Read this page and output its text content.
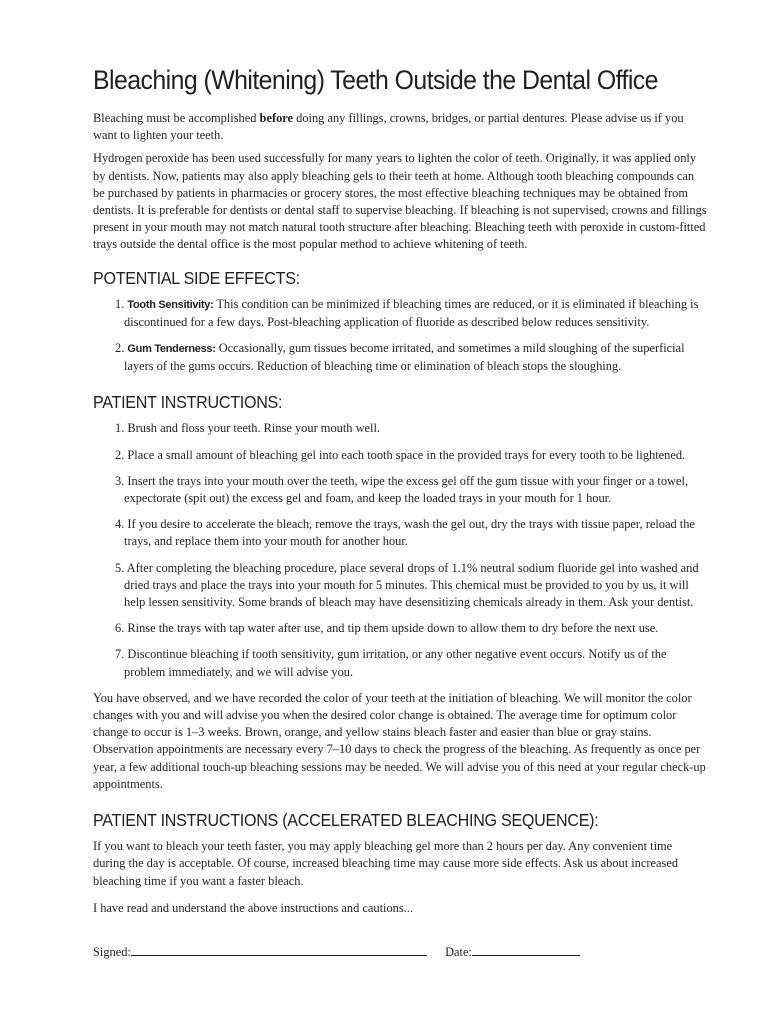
Bleaching (Whitening) Teeth Outside the Dental Office

Bleaching must be accomplished before doing any fillings, crowns, bridges, or partial dentures. Please advise us if you want to lighten your teeth.

Hydrogen peroxide has been used successfully for many years to lighten the color of teeth. Originally, it was applied only by dentists. Now, patients may also apply bleaching gels to their teeth at home. Although tooth bleaching compounds can be purchased by patients in pharmacies or grocery stores, the most effective bleaching techniques may be obtained from dentists. It is preferable for dentists or dental staff to supervise bleaching. If bleaching is not supervised, crowns and fillings present in your mouth may not match natural tooth structure after bleaching. Bleaching teeth with peroxide in custom-fitted trays outside the dental office is the most popular method to achieve whitening of teeth.

POTENTIAL SIDE EFFECTS:
1. Tooth Sensitivity: This condition can be minimized if bleaching times are reduced, or it is eliminated if bleaching is discontinued for a few days. Post-bleaching application of fluoride as described below reduces sensitivity.
2. Gum Tenderness: Occasionally, gum tissues become irritated, and sometimes a mild sloughing of the superficial layers of the gums occurs. Reduction of bleaching time or elimination of bleach stops the sloughing.
PATIENT INSTRUCTIONS:
1. Brush and floss your teeth. Rinse your mouth well.
2. Place a small amount of bleaching gel into each tooth space in the provided trays for every tooth to be lightened.
3. Insert the trays into your mouth over the teeth, wipe the excess gel off the gum tissue with your finger or a towel, expectorate (spit out) the excess gel and foam, and keep the loaded trays in your mouth for 1 hour.
4. If you desire to accelerate the bleach, remove the trays, wash the gel out, dry the trays with tissue paper, reload the trays, and replace them into your mouth for another hour.
5. After completing the bleaching procedure, place several drops of 1.1% neutral sodium fluoride gel into washed and dried trays and place the trays into your mouth for 5 minutes. This chemical must be provided to you by us, it will help lessen sensitivity. Some brands of bleach may have desensitizing chemicals already in them. Ask your dentist.
6. Rinse the trays with tap water after use, and tip them upside down to allow them to dry before the next use.
7. Discontinue bleaching if tooth sensitivity, gum irritation, or any other negative event occurs. Notify us of the problem immediately, and we will advise you.

You have observed, and we have recorded the color of your teeth at the initiation of bleaching. We will monitor the color changes with you and will advise you when the desired color change is obtained. The average time for optimum color change to occur is 1–3 weeks. Brown, orange, and yellow stains bleach faster and easier than blue or gray stains. Observation appointments are necessary every 7–10 days to check the progress of the bleaching. As frequently as once per year, a few additional touch-up bleaching sessions may be needed. We will advise you of this need at your regular check-up appointments.

PATIENT INSTRUCTIONS (ACCELERATED BLEACHING SEQUENCE):

If you want to bleach your teeth faster, you may apply bleaching gel more than 2 hours per day. Any convenient time during the day is acceptable. Of course, increased bleaching time may cause more side effects. Ask us about increased bleaching time if you want a faster bleach.

I have read and understand the above instructions and cautions...

Signed:	Date:
